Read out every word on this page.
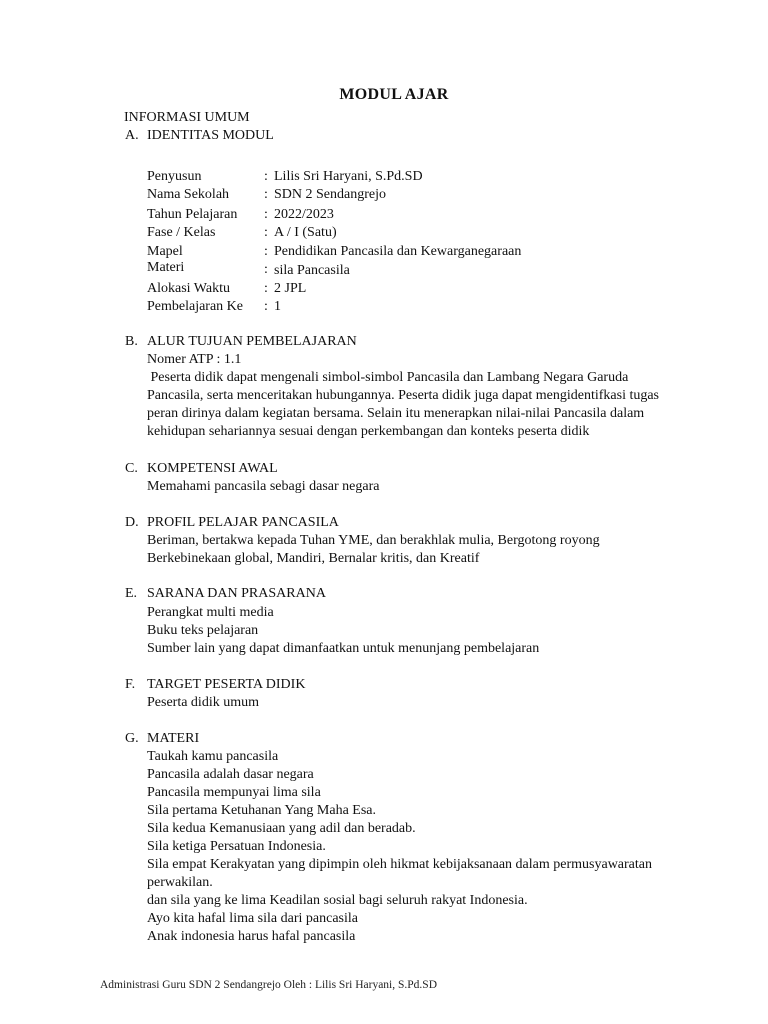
MODUL AJAR
INFORMASI UMUM
A. IDENTITAS MODUL
Penyusun	: Lilis Sri Haryani, S.Pd.SD
Nama Sekolah : SDN 2 Sendangrejo
Tahun Pelajaran : 2022/2023
Fase / Kelas	: A / I (Satu)
Mapel	: Pendidikan Pancasila dan Kewarganegaraan
Materi	: sila Pancasila
Alokasi Waktu : 2 JPL
Pembelajaran Ke : 1
B. ALUR TUJUAN PEMBELAJARAN
Nomer ATP : 1.1
Peserta didik dapat mengenali simbol-simbol Pancasila dan Lambang Negara Garuda
Pancasila, serta menceritakan hubungannya. Peserta didik juga dapat mengidentifkasi tugas
peran dirinya dalam kegiatan bersama. Selain itu menerapkan nilai-nilai Pancasila dalam
kehidupan sehariannya sesuai dengan perkembangan dan konteks peserta didik
C. KOMPETENSI AWAL
Memahami pancasila sebagi dasar negara
D. PROFIL PELAJAR PANCASILA
Beriman, bertakwa kepada Tuhan YME, dan berakhlak mulia, Bergotong royong
Berkebinekaan global, Mandiri, Bernalar kritis, dan Kreatif
E. SARANA DAN PRASARANA
Perangkat multi media
Buku teks pelajaran
Sumber lain yang dapat dimanfaatkan untuk menunjang pembelajaran
F. TARGET PESERTA DIDIK
Peserta didik umum
G. MATERI
Taukah kamu pancasila
Pancasila adalah dasar negara
Pancasila mempunyai lima sila
Sila pertama Ketuhanan Yang Maha Esa.
Sila kedua Kemanusiaan yang adil dan beradab.
Sila ketiga Persatuan Indonesia.
Sila empat Kerakyatan yang dipimpin oleh hikmat kebijaksanaan dalam permusyawaratan
perwakilan.
dan sila yang ke lima Keadilan sosial bagi seluruh rakyat Indonesia.
Ayo kita hafal lima sila dari pancasila
Anak indonesia harus hafal pancasila
Administrasi Guru SDN 2 Sendangrejo Oleh : Lilis Sri Haryani, S.Pd.SD
